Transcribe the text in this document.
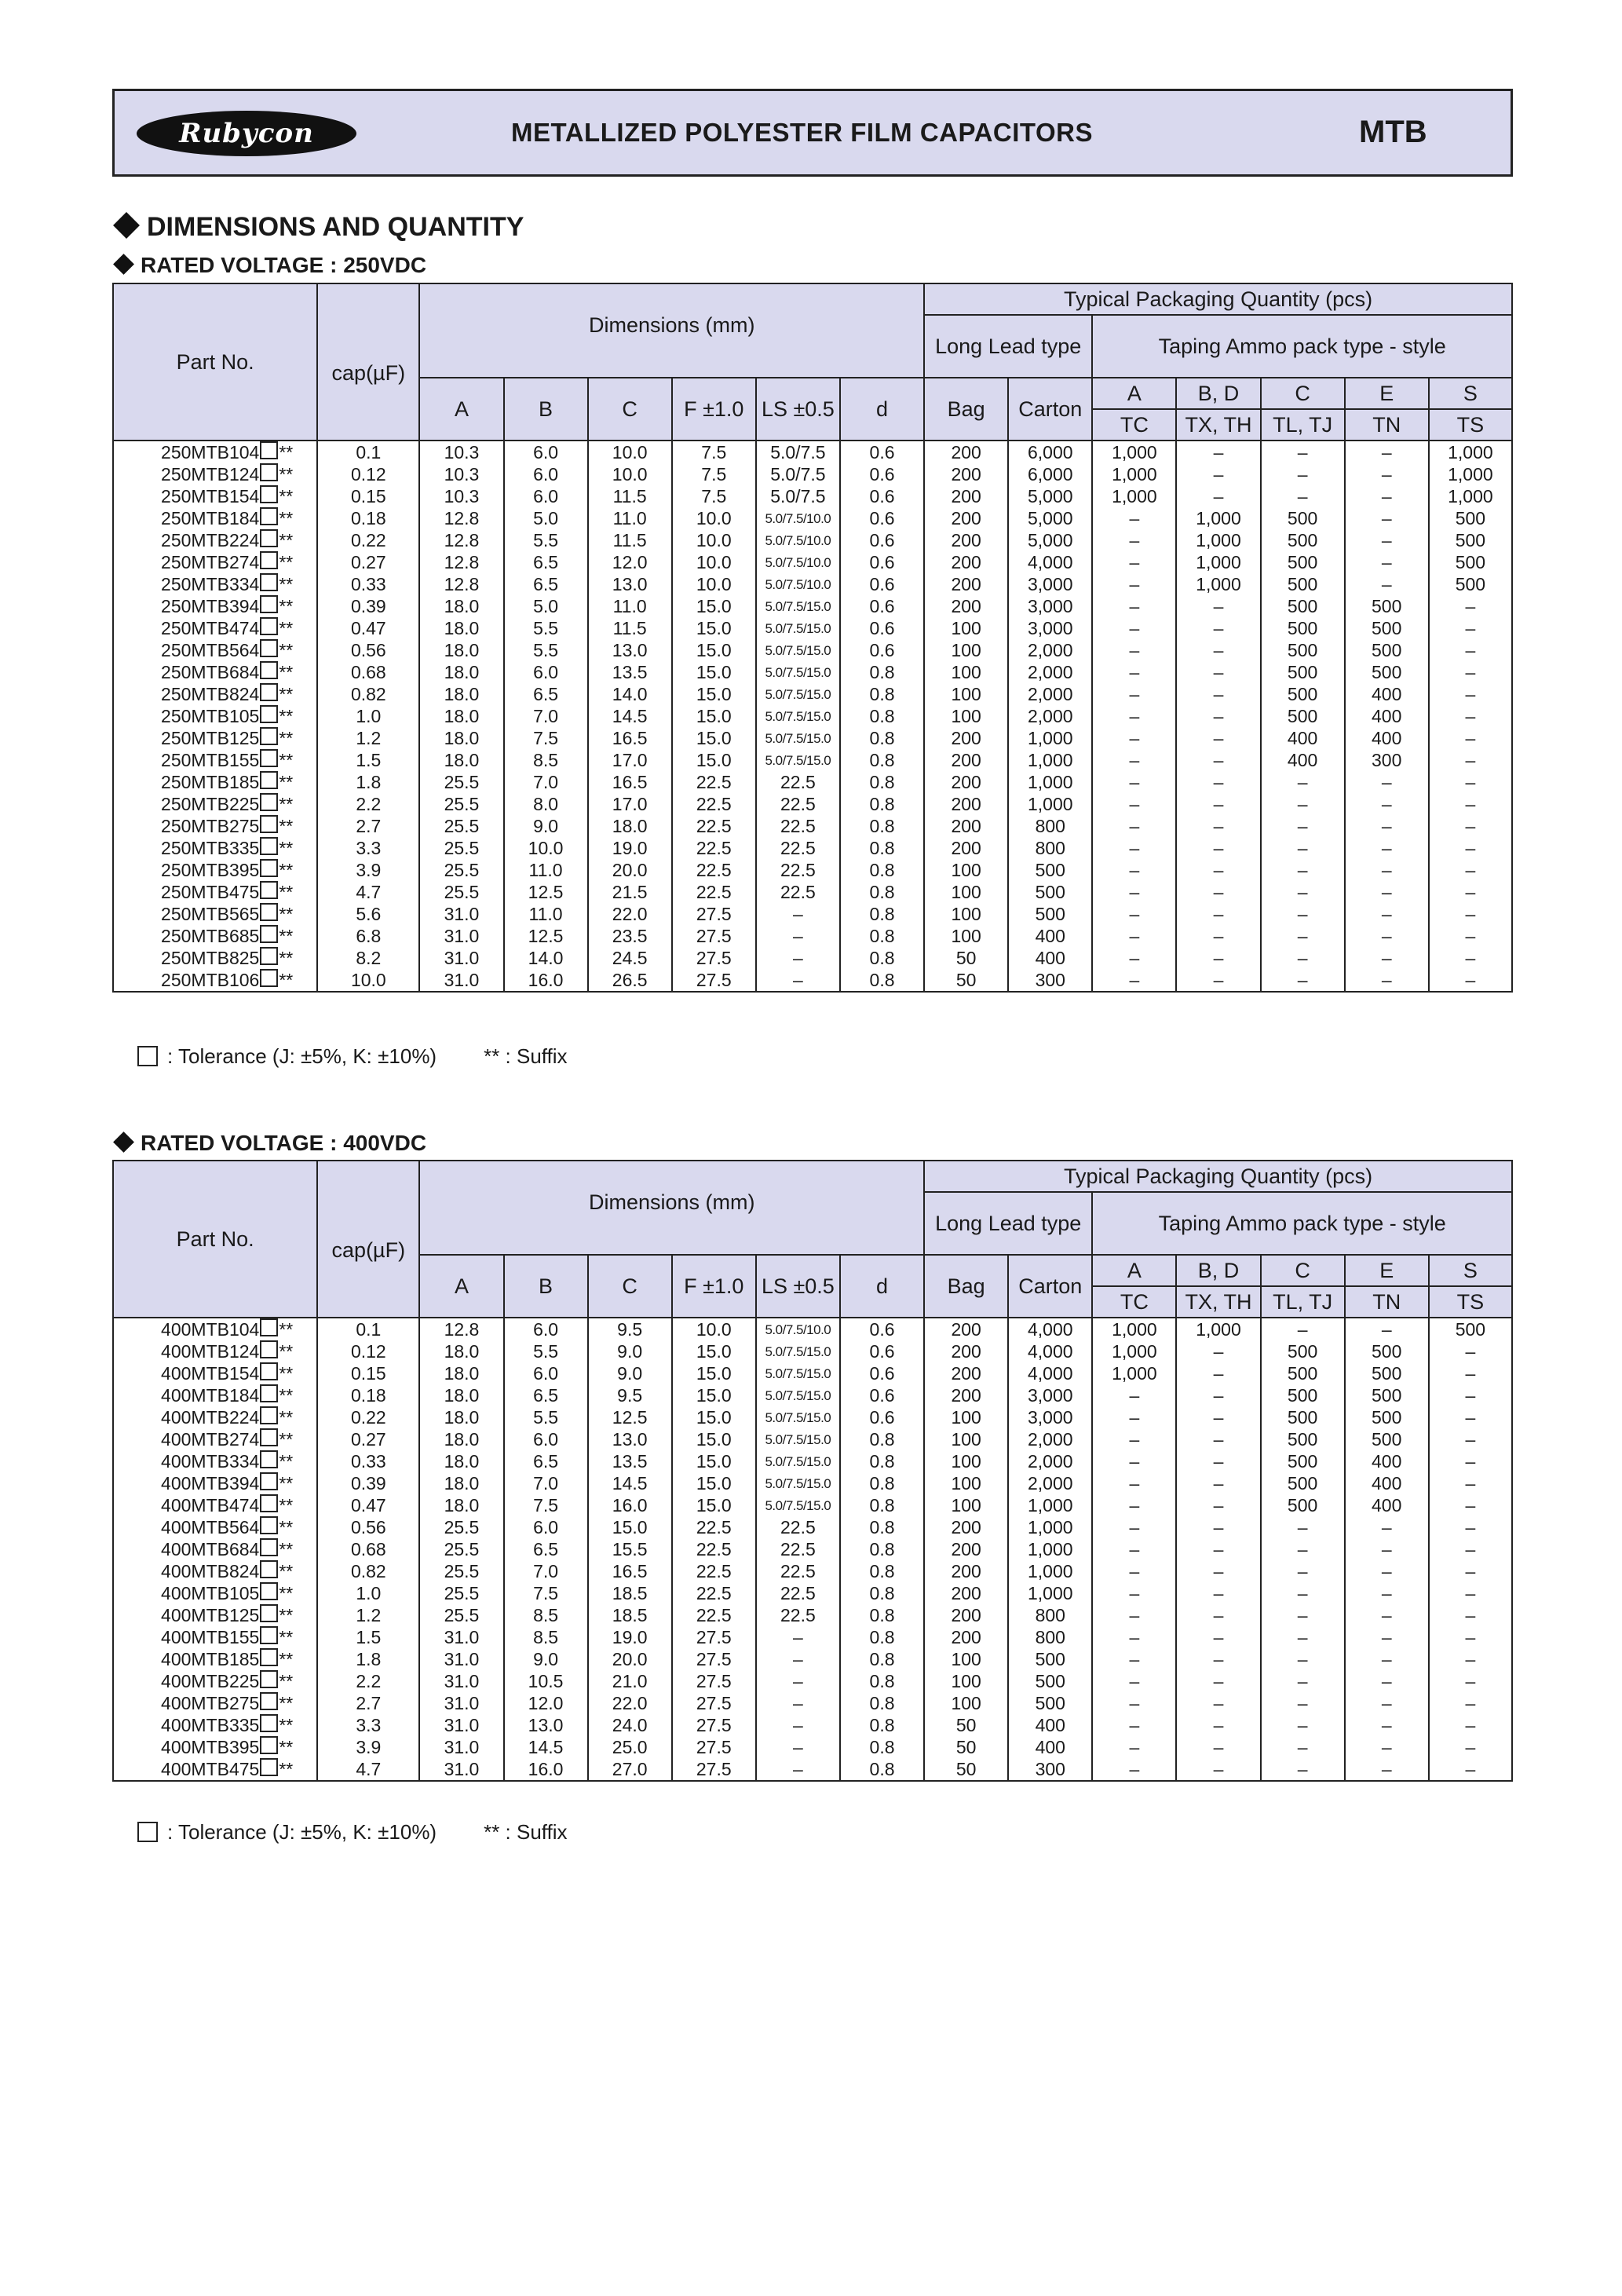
Rubycon	METALLIZED POLYESTER FILM CAPACITORS	MTB
DIMENSIONS AND QUANTITY
RATED VOLTAGE : 250VDC
Part No.	cap(µF)	Dimensions (mm)						Typical Packaging Quantity (pcs)						
								Long Lead type		Taping Ammo pack type - style				
		A	B	C	F ±1.0	LS ±0.5	d	Bag	Carton	A	B, D	C	E	S
										TC	TX, TH	TL, TJ	TN	TS
250MTB104 **	0.1	10.3	6.0	10.0	7.5	5.0/7.5	0.6	200	6,000	1,000	–	–	–	1,000
250MTB124 **	0.12	10.3	6.0	10.0	7.5	5.0/7.5	0.6	200	6,000	1,000	–	–	–	1,000
250MTB154 **	0.15	10.3	6.0	11.5	7.5	5.0/7.5	0.6	200	5,000	1,000	–	–	–	1,000
250MTB184 **	0.18	12.8	5.0	11.0	10.0	5.0/7.5/10.0	0.6	200	5,000	–	1,000	500	–	500
250MTB224 **	0.22	12.8	5.5	11.5	10.0	5.0/7.5/10.0	0.6	200	5,000	–	1,000	500	–	500
250MTB274 **	0.27	12.8	6.5	12.0	10.0	5.0/7.5/10.0	0.6	200	4,000	–	1,000	500	–	500
250MTB334 **	0.33	12.8	6.5	13.0	10.0	5.0/7.5/10.0	0.6	200	3,000	–	1,000	500	–	500
250MTB394 **	0.39	18.0	5.0	11.0	15.0	5.0/7.5/15.0	0.6	200	3,000	–	–	500	500	–
250MTB474 **	0.47	18.0	5.5	11.5	15.0	5.0/7.5/15.0	0.6	100	3,000	–	–	500	500	–
250MTB564 **	0.56	18.0	5.5	13.0	15.0	5.0/7.5/15.0	0.6	100	2,000	–	–	500	500	–
250MTB684 **	0.68	18.0	6.0	13.5	15.0	5.0/7.5/15.0	0.8	100	2,000	–	–	500	500	–
250MTB824 **	0.82	18.0	6.5	14.0	15.0	5.0/7.5/15.0	0.8	100	2,000	–	–	500	400	–
250MTB105 **	1.0	18.0	7.0	14.5	15.0	5.0/7.5/15.0	0.8	100	2,000	–	–	500	400	–
250MTB125 **	1.2	18.0	7.5	16.5	15.0	5.0/7.5/15.0	0.8	200	1,000	–	–	400	400	–
250MTB155 **	1.5	18.0	8.5	17.0	15.0	5.0/7.5/15.0	0.8	200	1,000	–	–	400	300	–
250MTB185 **	1.8	25.5	7.0	16.5	22.5	22.5	0.8	200	1,000	–	–	–	–	–
250MTB225 **	2.2	25.5	8.0	17.0	22.5	22.5	0.8	200	1,000	–	–	–	–	–
250MTB275 **	2.7	25.5	9.0	18.0	22.5	22.5	0.8	200	800	–	–	–	–	–
250MTB335 **	3.3	25.5	10.0	19.0	22.5	22.5	0.8	200	800	–	–	–	–	–
250MTB395 **	3.9	25.5	11.0	20.0	22.5	22.5	0.8	100	500	–	–	–	–	–
250MTB475 **	4.7	25.5	12.5	21.5	22.5	22.5	0.8	100	500	–	–	–	–	–
250MTB565 **	5.6	31.0	11.0	22.0	27.5	–	0.8	100	500	–	–	–	–	–
250MTB685 **	6.8	31.0	12.5	23.5	27.5	–	0.8	100	400	–	–	–	–	–
250MTB825 **	8.2	31.0	14.0	24.5	27.5	–	0.8	50	400	–	–	–	–	–
250MTB106 **	10.0	31.0	16.0	26.5	27.5	–	0.8	50	300	–	–	–	–	–
: Tolerance (J: ±5%, K: ±10%) ** : Suffix
RATED VOLTAGE : 400VDC
Part No.	cap(µF)	Dimensions (mm)						Typical Packaging Quantity (pcs)						
								Long Lead type		Taping Ammo pack type - style				
		A	B	C	F ±1.0	LS ±0.5	d	Bag	Carton	A	B, D	C	E	S
										TC	TX, TH	TL, TJ	TN	TS
400MTB104 **	0.1	12.8	6.0	9.5	10.0	5.0/7.5/10.0	0.6	200	4,000	1,000	1,000	–	–	500
400MTB124 **	0.12	18.0	5.5	9.0	15.0	5.0/7.5/15.0	0.6	200	4,000	1,000	–	500	500	–
400MTB154 **	0.15	18.0	6.0	9.0	15.0	5.0/7.5/15.0	0.6	200	4,000	1,000	–	500	500	–
400MTB184 **	0.18	18.0	6.5	9.5	15.0	5.0/7.5/15.0	0.6	200	3,000	–	–	500	500	–
400MTB224 **	0.22	18.0	5.5	12.5	15.0	5.0/7.5/15.0	0.6	100	3,000	–	–	500	500	–
400MTB274 **	0.27	18.0	6.0	13.0	15.0	5.0/7.5/15.0	0.8	100	2,000	–	–	500	500	–
400MTB334 **	0.33	18.0	6.5	13.5	15.0	5.0/7.5/15.0	0.8	100	2,000	–	–	500	400	–
400MTB394 **	0.39	18.0	7.0	14.5	15.0	5.0/7.5/15.0	0.8	100	2,000	–	–	500	400	–
400MTB474 **	0.47	18.0	7.5	16.0	15.0	5.0/7.5/15.0	0.8	100	1,000	–	–	500	400	–
400MTB564 **	0.56	25.5	6.0	15.0	22.5	22.5	0.8	200	1,000	–	–	–	–	–
400MTB684 **	0.68	25.5	6.5	15.5	22.5	22.5	0.8	200	1,000	–	–	–	–	–
400MTB824 **	0.82	25.5	7.0	16.5	22.5	22.5	0.8	200	1,000	–	–	–	–	–
400MTB105 **	1.0	25.5	7.5	18.5	22.5	22.5	0.8	200	1,000	–	–	–	–	–
400MTB125 **	1.2	25.5	8.5	18.5	22.5	22.5	0.8	200	800	–	–	–	–	–
400MTB155 **	1.5	31.0	8.5	19.0	27.5	–	0.8	200	800	–	–	–	–	–
400MTB185 **	1.8	31.0	9.0	20.0	27.5	–	0.8	100	500	–	–	–	–	–
400MTB225 **	2.2	31.0	10.5	21.0	27.5	–	0.8	100	500	–	–	–	–	–
400MTB275 **	2.7	31.0	12.0	22.0	27.5	–	0.8	100	500	–	–	–	–	–
400MTB335 **	3.3	31.0	13.0	24.0	27.5	–	0.8	50	400	–	–	–	–	–
400MTB395 **	3.9	31.0	14.5	25.0	27.5	–	0.8	50	400	–	–	–	–	–
400MTB475 **	4.7	31.0	16.0	27.0	27.5	–	0.8	50	300	–	–	–	–	–
: Tolerance (J: ±5%, K: ±10%) ** : Suffix
